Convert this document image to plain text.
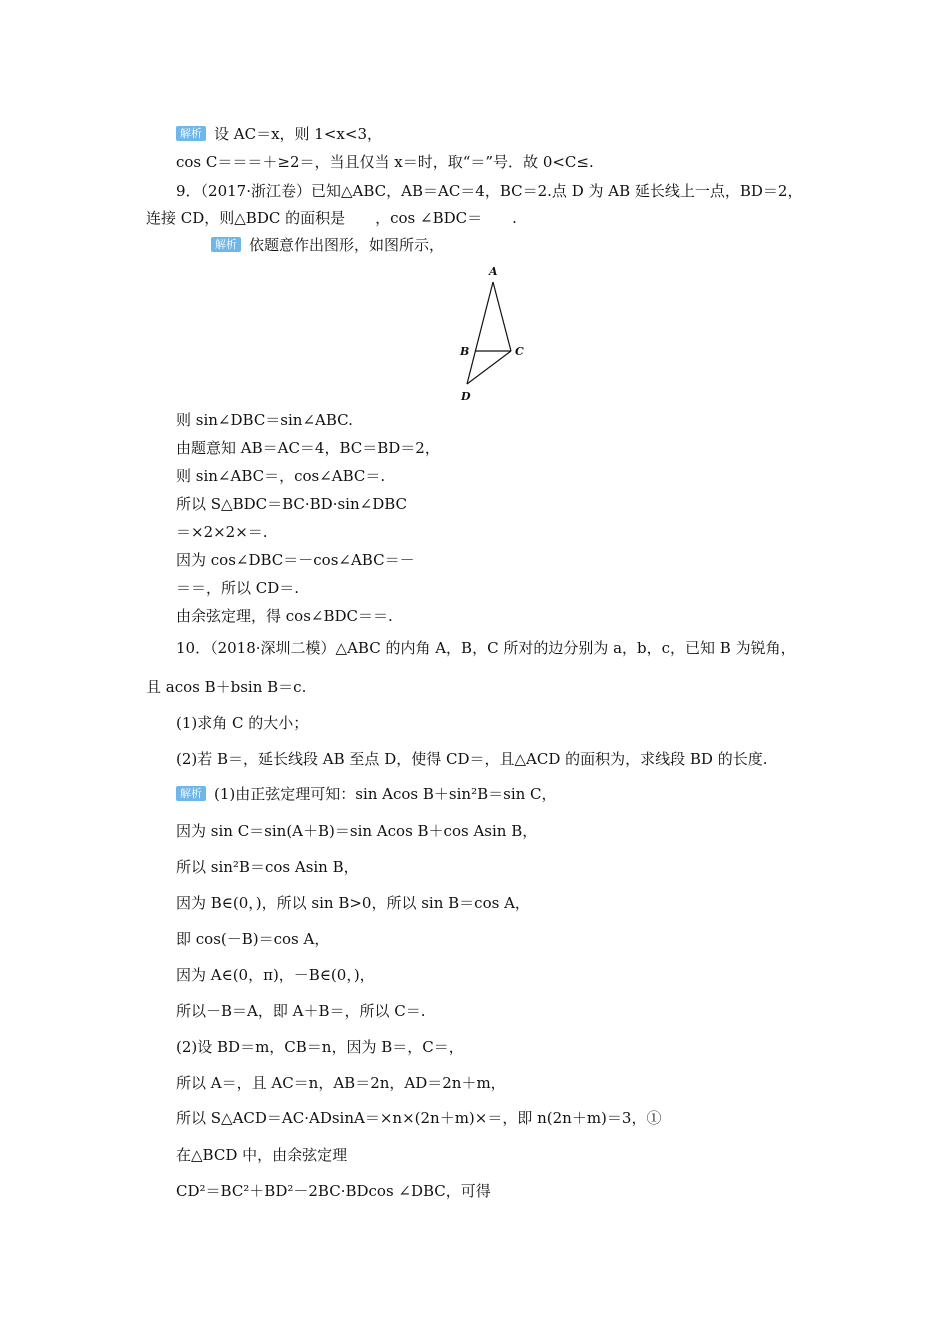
解析 设 AC＝x，则 1<x<3，
cos C＝＝＝＋≥2＝，当且仅当 x＝时，取“＝”号．故 0<C≤.
9．（2017·浙江卷）已知△ABC，AB＝AC＝4，BC＝2.点 D 为 AB 延长线上一点，BD＝2，
连接 CD，则△BDC 的面积是　　，cos ∠BDC＝　　.
解析 依题意作出图形，如图所示，
A
B	C
D
则 sin∠DBC＝sin∠ABC.
由题意知 AB＝AC＝4，BC＝BD＝2，
则 sin∠ABC＝，cos∠ABC＝.
所以 S△BDC＝BC·BD·sin∠DBC
＝×2×2×＝.
因为 cos∠DBC＝－cos∠ABC＝－
＝＝，所以 CD＝.
由余弦定理，得 cos∠BDC＝＝.
10．（2018·深圳二模）△ABC 的内角 A，B，C 所对的边分别为 a，b，c，已知 B 为锐角，
且 acos B＋bsin B＝c.
(1)求角 C 的大小；
(2)若 B＝，延长线段 AB 至点 D，使得 CD＝，且△ACD 的面积为，求线段 BD 的长度.
解析 (1)由正弦定理可知：sin Acos B＋sin²B＝sin C，
因为 sin C＝sin(A＋B)＝sin Acos B＋cos Asin B，
所以 sin²B＝cos Asin B，
因为 B∈(0，)，所以 sin B>0，所以 sin B＝cos A，
即 cos(－B)＝cos A，
因为 A∈(0，π)，－B∈(0，)，
所以－B＝A，即 A＋B＝，所以 C＝.
(2)设 BD＝m，CB＝n，因为 B＝，C＝，
所以 A＝，且 AC＝n，AB＝2n，AD＝2n＋m，
所以 S△ACD＝AC·ADsinA＝×n×(2n＋m)×＝，即 n(2n＋m)＝3，①
在△BCD 中，由余弦定理
CD²＝BC²＋BD²－2BC·BDcos ∠DBC，可得
